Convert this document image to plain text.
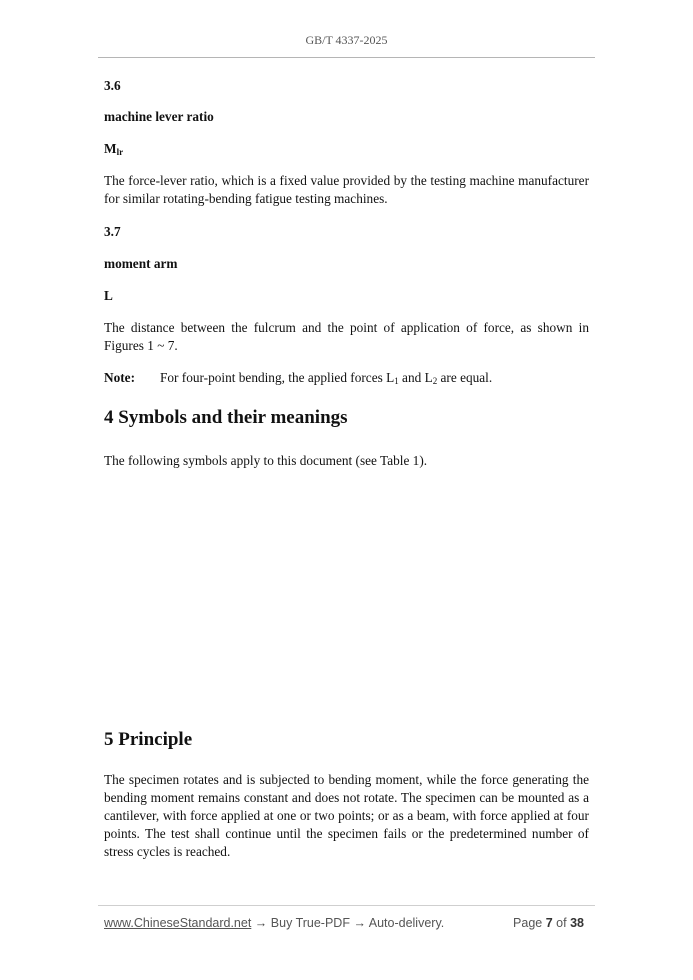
GB/T 4337-2025
3.6
machine lever ratio
$M_{lr}$
The force-lever ratio, which is a fixed value provided by the testing machine manufacturer for similar rotating-bending fatigue testing machines.
3.7
moment arm
L
The distance between the fulcrum and the point of application of force, as shown in Figures 1 ~ 7.
Note: For four-point bending, the applied forces $L_1$ and $L_2$ are equal.
4 Symbols and their meanings
The following symbols apply to this document (see Table 1).
5 Principle
The specimen rotates and is subjected to bending moment, while the force generating the bending moment remains constant and does not rotate. The specimen can be mounted as a cantilever, with force applied at one or two points; or as a beam, with force applied at four points. The test shall continue until the specimen fails or the predetermined number of stress cycles is reached.
www.ChineseStandard.net → Buy True-PDF → Auto-delivery.	Page 7 of 38
